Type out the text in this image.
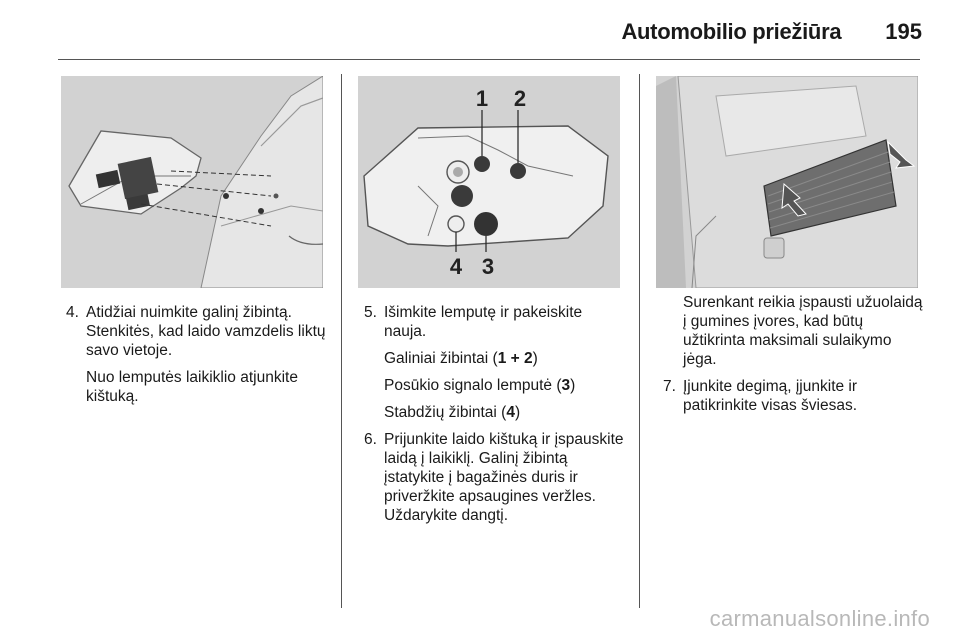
Automobilio priežiūra 195
1 2
4 3
4. Atidžiai nuimkite galinį žibintą. Stenkitės, kad laido vamzdelis liktų savo vietoje.
Nuo lemputės laikiklio atjunkite kištuką.
5. Išimkite lemputę ir pakeiskite nauja.
Galiniai žibintai (1 + 2)
Posūkio signalo lemputė (3)
Stabdžių žibintai (4)
6. Prijunkite laido kištuką ir įspauskite laidą į laikiklį. Galinį žibintą įstatykite į bagažinės duris ir priveržkite apsaugines veržles. Uždarykite dangtį.
Surenkant reikia įspausti užuolaidą į gumines įvores, kad būtų užtikrinta maksimali sulaikymo jėga.
7. Įjunkite degimą, įjunkite ir patikrinkite visas šviesas.
carmanualsonline.info
